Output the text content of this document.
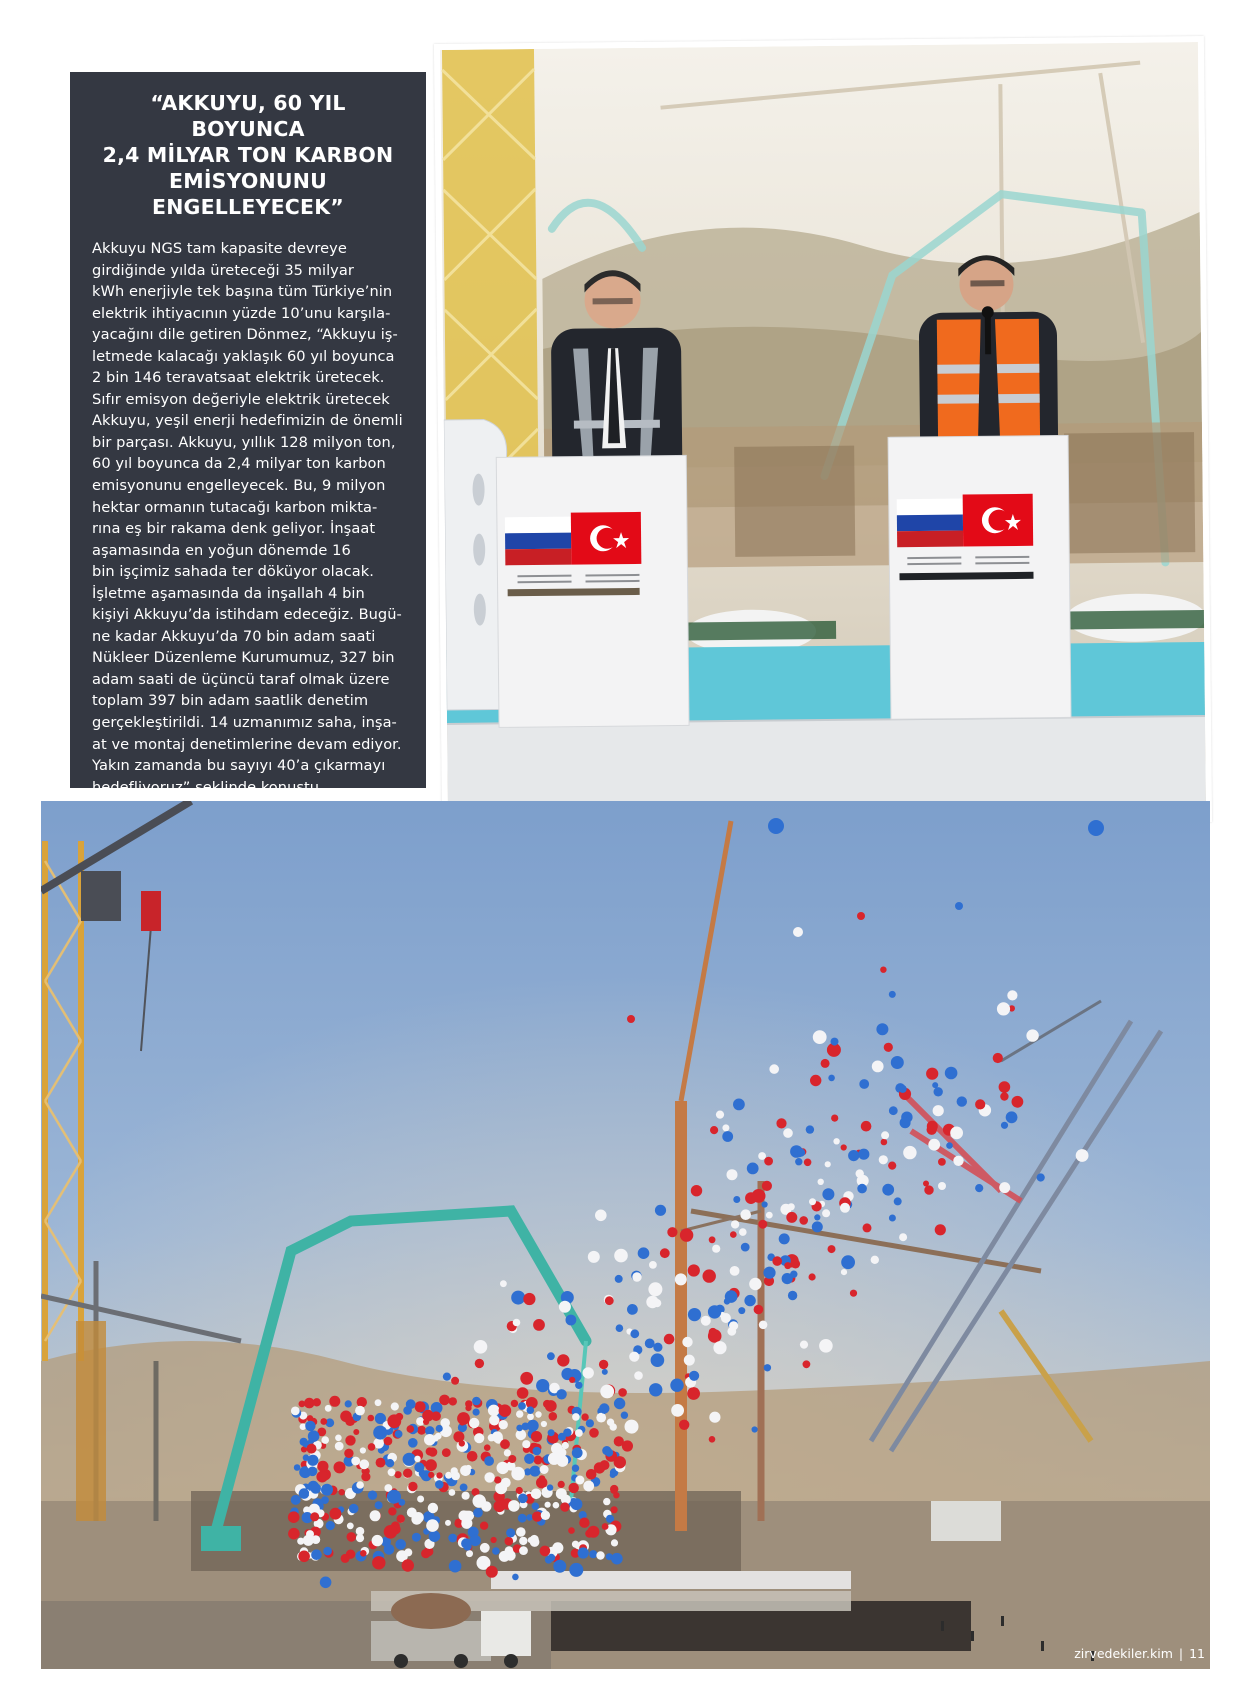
“AKKUYU, 60 YIL BOYUNCA
2,4 MİLYAR TON KARBON
EMİSYONUNU
ENGELLEYECEK”
Akkuyu NGS tam kapasite devreye
girdiğinde yılda üreteceği 35 milyar
kWh enerjiyle tek başına tüm Türkiye’nin
elektrik ihtiyacının yüzde 10’unu karşıla-
yacağını dile getiren Dönmez, “Akkuyu iş-
letmede kalacağı yaklaşık 60 yıl boyunca
2 bin 146 teravatsaat elektrik üretecek.
Sıfır emisyon değeriyle elektrik üretecek
Akkuyu, yeşil enerji hedefimizin de önemli
bir parçası. Akkuyu, yıllık 128 milyon ton,
60 yıl boyunca da 2,4 milyar ton karbon
emisyonunu engelleyecek. Bu, 9 milyon
hektar ormanın tutacağı karbon mikta-
rına eş bir rakama denk geliyor. İnşaat
aşamasında en yoğun dönemde 16
bin işçimiz sahada ter döküyor olacak.
İşletme aşamasında da inşallah 4 bin
kişiyi Akkuyu’da istihdam edeceğiz. Bugü-
ne kadar Akkuyu’da 70 bin adam saati
Nükleer Düzenleme Kurumumuz, 327 bin
adam saati de üçüncü taraf olmak üzere
toplam 397 bin adam saatlik denetim
gerçekleştirildi. 14 uzmanımız saha, inşa-
at ve montaj denetimlerine devam ediyor.
Yakın zamanda bu sayıyı 40’a çıkarmayı
hedefliyoruz” şeklinde konuştu.
zirvedekiler.kim | 11
